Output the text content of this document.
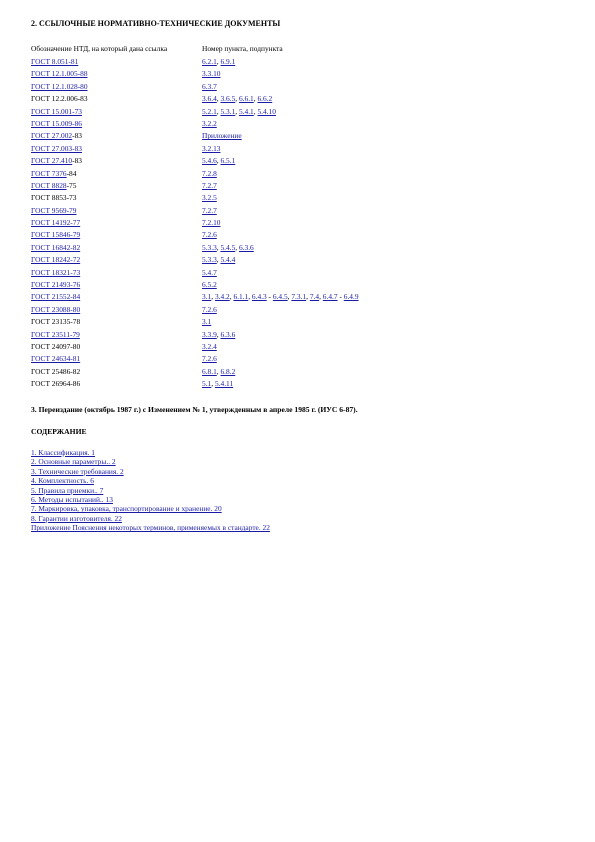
2. ССЫЛОЧНЫЕ НОРМАТИВНО-ТЕХНИЧЕСКИЕ ДОКУМЕНТЫ
Обозначение НТД, на который дана ссылка	Номер пункта, подпункта
ГОСТ 8.051-81	6.2.1, 6.9.1
ГОСТ 12.1.005-88	3.3.10
ГОСТ 12.1.028-80	6.3.7
ГОСТ 12.2.006-83	3.6.4, 3.6.5, 6.6.1, 6.6.2
ГОСТ 15.001-73	5.2.1, 5.3.1, 5.4.1, 5.4.10
ГОСТ 15.009-86	3.2.2
ГОСТ 27.002-83	Приложение
ГОСТ 27.003-83	3.2.13
ГОСТ 27.410-83	5.4.6, 6.5.1
ГОСТ 7376-84	7.2.8
ГОСТ 8828-75	7.2.7
ГОСТ 8853-73	3.2.5
ГОСТ 9569-79	7.2.7
ГОСТ 14192-77	7.2.10
ГОСТ 15846-79	7.2.6
ГОСТ 16842-82	5.3.3, 5.4.5, 6.3.6
ГОСТ 18242-72	5.3.3, 5.4.4
ГОСТ 18321-73	5.4.7
ГОСТ 21493-76	6.5.2
ГОСТ 21552-84	3.1, 3.4.2, 6.1.1, 6.4.3 - 6.4.5, 7.3.1, 7.4, 6.4.7 - 6.4.9
ГОСТ 23088-80	7.2.6
ГОСТ 23135-78	3.1
ГОСТ 23511-79	3.3.9, 6.3.6
ГОСТ 24097-80	3.2.4
ГОСТ 24634-81	7.2.6
ГОСТ 25486-82	6.8.1, 6.8.2
ГОСТ 26964-86	5.1, 5.4.11
3. Переиздание (октябрь 1987 г.) с Изменением № 1, утвержденным в апреле 1985 г. (ИУС 6-87).
СОДЕРЖАНИЕ
1. Классификация. 1
2. Основные параметры.. 2
3. Технические требования. 2
4. Комплектность. 6
5. Правила приемки.. 7
6. Методы испытаний.. 13
7. Маркировка, упаковка, транспортирование и хранение. 20
8. Гарантии изготовителя. 22
Приложение Пояснения некоторых терминов, применяемых в стандарте. 22
